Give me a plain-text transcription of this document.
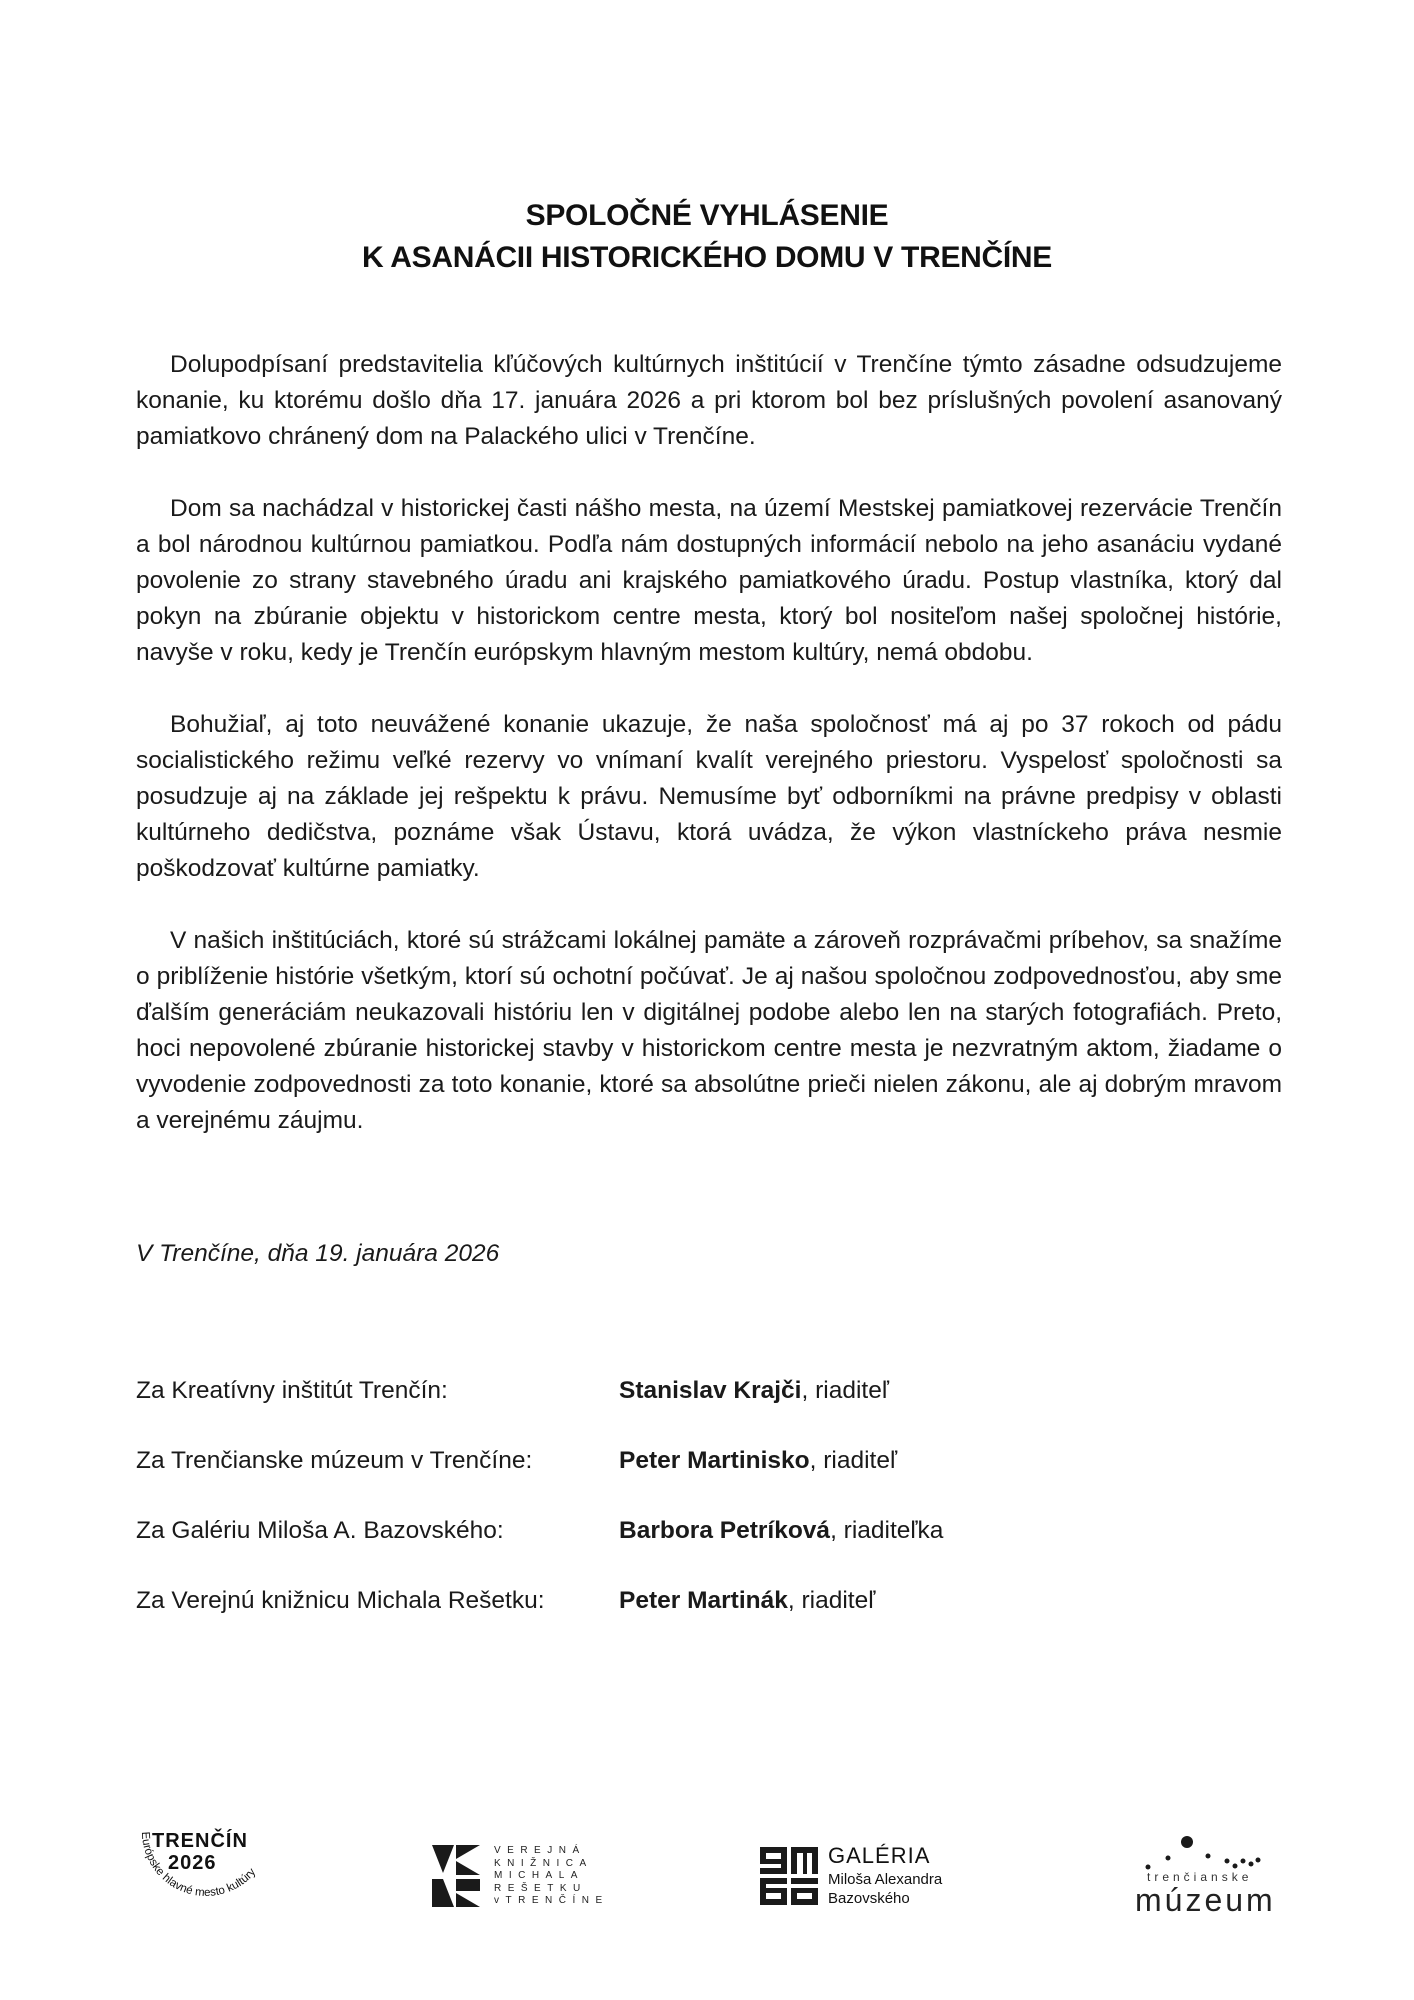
SPOLOČNÉ VYHLÁSENIE
K ASANÁCII HISTORICKÉHO DOMU V TRENČÍNE

Dolupodpísaní predstavitelia kľúčových kultúrnych inštitúcií v Trenčíne týmto zásadne odsudzujeme konanie, ku ktorému došlo dňa 17. januára 2026 a pri ktorom bol bez príslušných povolení asanovaný pamiatkovo chránený dom na Palackého ulici v Trenčíne.

Dom sa nachádzal v historickej časti nášho mesta, na území Mestskej pamiatkovej rezervácie Trenčín a bol národnou kultúrnou pamiatkou. Podľa nám dostupných informácií nebolo na jeho asanáciu vydané povolenie zo strany stavebného úradu ani krajského pamiatkového úradu. Postup vlastníka, ktorý dal pokyn na zbúranie objektu v historickom centre mesta, ktorý bol nositeľom našej spoločnej histórie, navyše v roku, kedy je Trenčín európskym hlavným mestom kultúry, nemá obdobu.

Bohužiaľ, aj toto neuvážené konanie ukazuje, že naša spoločnosť má aj po 37 rokoch od pádu socialistického režimu veľké rezervy vo vnímaní kvalít verejného priestoru. Vyspelosť spoločnosti sa posudzuje aj na základe jej rešpektu k právu. Nemusíme byť odborníkmi na právne predpisy v oblasti kultúrneho dedičstva, poznáme však Ústavu, ktorá uvádza, že výkon vlastníckeho práva nesmie poškodzovať kultúrne pamiatky.

V našich inštitúciách, ktoré sú strážcami lokálnej pamäte a zároveň rozprávačmi príbehov, sa snažíme o priblíženie histórie všetkým, ktorí sú ochotní počúvať. Je aj našou spoločnou zodpovednosťou, aby sme ďalším generáciám neukazovali históriu len v digitálnej podobe alebo len na starých fotografiách. Preto, hoci nepovolené zbúranie historickej stavby v historickom centre mesta je nezvratným aktom, žiadame o vyvodenie zodpovednosti za toto konanie, ktoré sa absolútne prieči nielen zákonu, ale aj dobrým mravom a verejnému záujmu.

V Trenčíne, dňa 19. januára 2026
Za Kreatívny inštitút Trenčín:	Stanislav Krajči, riaditeľ
Za Trenčianske múzeum v Trenčíne:	Peter Martinisko, riaditeľ
Za Galériu Miloša A. Bazovského:	Barbora Petríková, riaditeľka
Za Verejnú knižnicu Michala Rešetku:	Peter Martinák, riaditeľ
Európske hlavné mesto kultúry
TRENČÍN
2026
VEREJNÁ
KNIŽNICA
MICHALA
REŠETKU
vTRENČÍNE
GALÉRIA
Miloša Alexandra
Bazovského
trenčianske
múzeum
